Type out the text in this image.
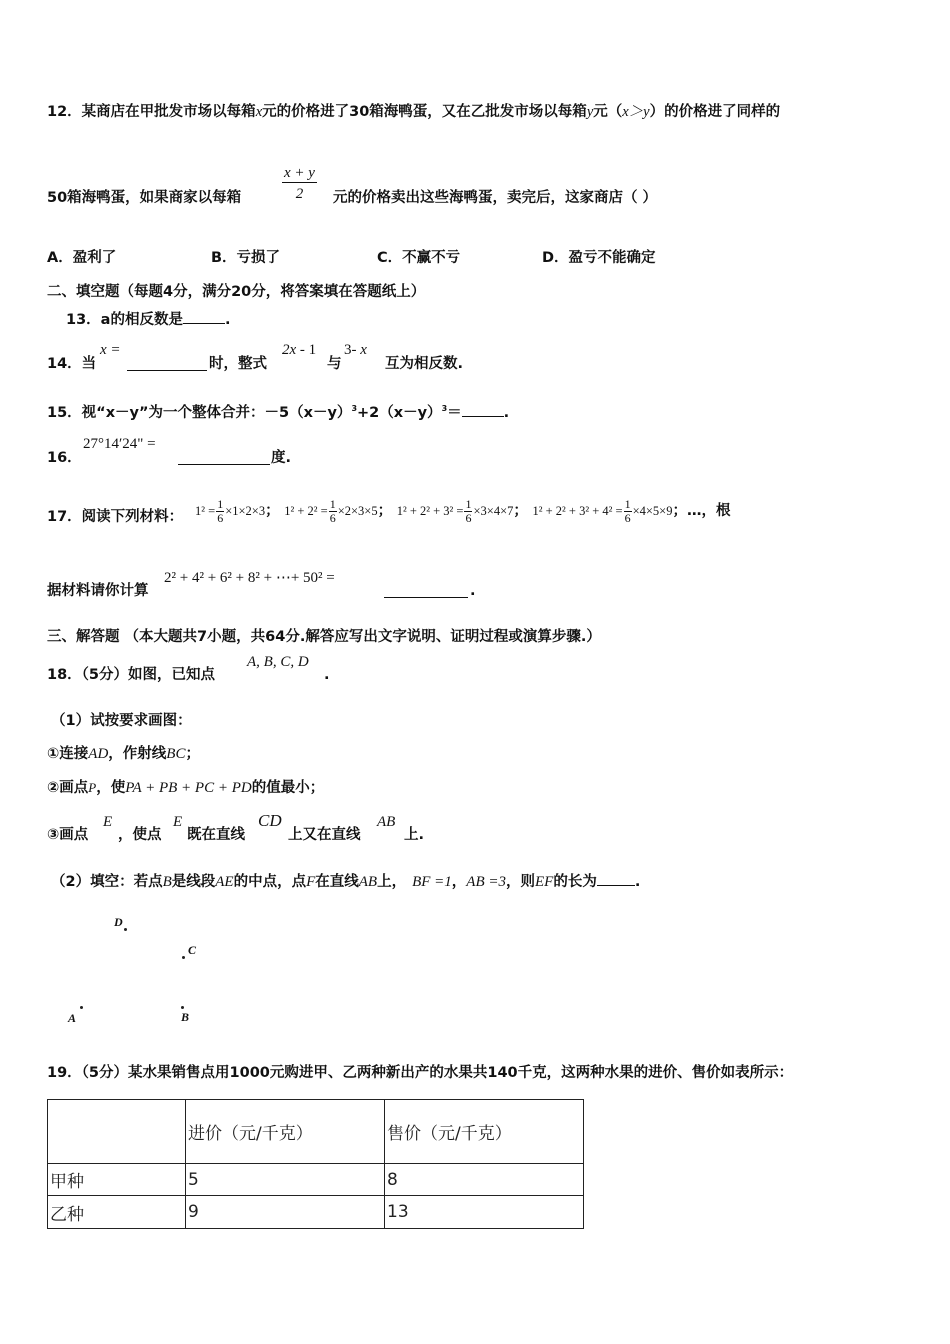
12．某商店在甲批发市场以每箱x元的价格进了30箱海鸭蛋，又在乙批发市场以每箱y元（x＞y）的价格进了同样的
50箱海鸭蛋，如果商家以每箱	$\frac{x + y}{2}$ 元的价格卖出这些海鸭蛋，卖完后，这家商店（ ）
A．盈利了	B．亏损了	C．不赢不亏	D．盈亏不能确定
二、填空题（每题4分，满分20分，将答案填在答题纸上）
13．a的相反数是	.
14．当
x =
时，整式
2x - 1
与
3- x
互为相反数.
15．视“x－y”为一个整体合并：$-5(x-y)^3+2(x-y)^3=$	.
16．
27°14′24" =
度.
17．阅读下列材料： $1^2 = \frac{1}{6} \times 1\times 2\times 3$； $1^2 + 2^2 = \frac{1}{6} \times 2\times 3\times 5$； $1^2 + 2^2 + 3^2 = \frac{1}{6} \times 3\times 4\times 7$； $1^2 + 2^2 + 3^2 + 4^2 = \frac{1}{6} \times 4\times 5\times 9$；…，根
据材料请你计算
2² + 4² + 6² + 8² + ⋯+ 50² =
.
三、解答题 （本大题共7小题，共64分.解答应写出文字说明、证明过程或演算步骤.）
18．（5分）如图，已知点
A, B, C, D
.
（1）试按要求画图：
①连接AD，作射线BC；
②画点P，使PA + PB + PC + PD的值最小；
③画点
E
，使点
E
既在直线
CD
上又在直线
AB
上.
（2）填空：若点B是线段AE的中点，点F在直线AB上， BF =1，AB =3，则EF的长为	.
D
C
A	B
19．（5分）某水果销售点用1000元购进甲、乙两种新出产的水果共140千克，这两种水果的进价、售价如表所示：
	进价（元/千克）	售价（元/千克）
甲种	5	8
乙种	9	13
